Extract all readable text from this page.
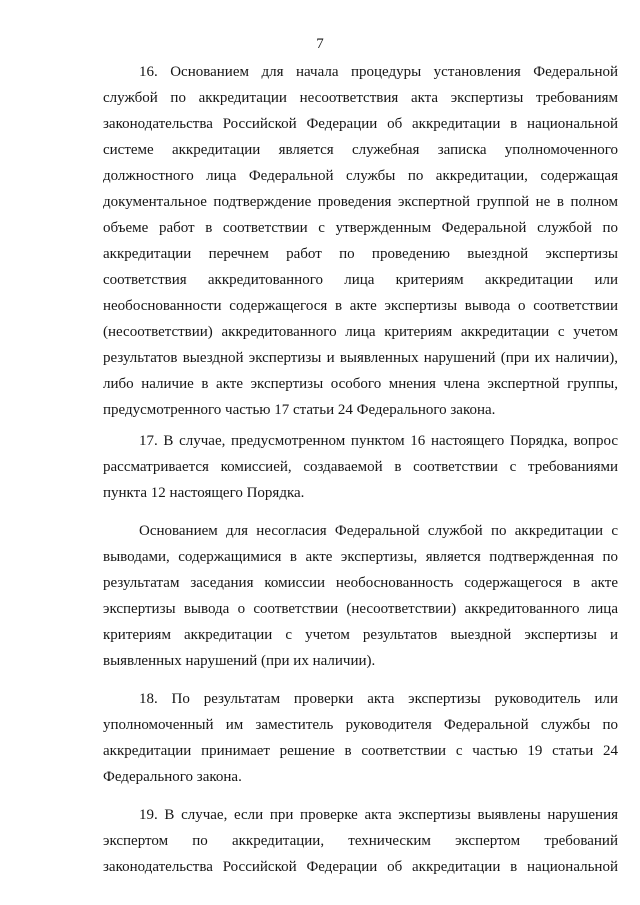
7

16. Основанием для начала процедуры установления Федеральной
службой по аккредитации несоответствия акта экспертизы требованиям
законодательства Российской Федерации об аккредитации в национальной
системе аккредитации является служебная записка уполномоченного
должностного лица Федеральной службы по аккредитации, содержащая
документальное подтверждение проведения экспертной группой не в полном
объеме работ в соответствии с утвержденным Федеральной службой по
аккредитации перечнем работ по проведению выездной экспертизы
соответствия аккредитованного лица критериям аккредитации или
необоснованности содержащегося в акте экспертизы вывода о соответствии
(несоответствии) аккредитованного лица критериям аккредитации с учетом
результатов выездной экспертизы и выявленных нарушений (при их наличии),
либо наличие в акте экспертизы особого мнения члена экспертной группы,
предусмотренного частью 17 статьи 24 Федерального закона.

17. В случае, предусмотренном пунктом 16 настоящего Порядка, вопрос
рассматривается комиссией, создаваемой в соответствии с требованиями
пункта 12 настоящего Порядка.

Основанием для несогласия Федеральной службой по аккредитации с
выводами, содержащимися в акте экспертизы, является подтвержденная по
результатам заседания комиссии необоснованность содержащегося в акте
экспертизы вывода о соответствии (несоответствии) аккредитованного лица
критериям аккредитации с учетом результатов выездной экспертизы и
выявленных нарушений (при их наличии).

18. По результатам проверки акта экспертизы руководитель или
уполномоченный им заместитель руководителя Федеральной службы по
аккредитации принимает решение в соответствии с частью 19 статьи 24
Федерального закона.

19. В случае, если при проверке акта экспертизы выявлены нарушения
экспертом по аккредитации, техническим экспертом требований
законодательства Российской Федерации об аккредитации в национальной
